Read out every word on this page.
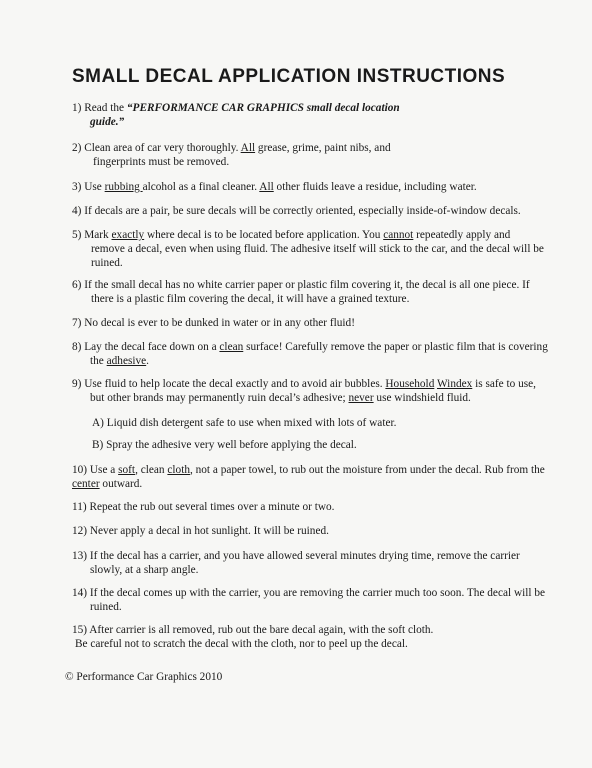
SMALL DECAL APPLICATION INSTRUCTIONS
1) Read the “PERFORMANCE CAR GRAPHICS small decal location
guide.”
2) Clean area of car very thoroughly. All grease, grime, paint nibs, and
fingerprints must be removed.
3) Use rubbing alcohol as a final cleaner. All other fluids leave a residue, including water.
4) If decals are a pair, be sure decals will be correctly oriented, especially inside-of-window decals.
5) Mark exactly where decal is to be located before application. You cannot repeatedly apply and
remove a decal, even when using fluid. The adhesive itself will stick to the car, and the decal will be
ruined.
6) If the small decal has no white carrier paper or plastic film covering it, the decal is all one piece. If
there is a plastic film covering the decal, it will have a grained texture.
7) No decal is ever to be dunked in water or in any other fluid!
8) Lay the decal face down on a clean surface! Carefully remove the paper or plastic film that is covering
the adhesive.
9) Use fluid to help locate the decal exactly and to avoid air bubbles. Household Windex is safe to use,
but other brands may permanently ruin decal’s adhesive; never use windshield fluid.
A) Liquid dish detergent safe to use when mixed with lots of water.
B) Spray the adhesive very well before applying the decal.
10) Use a soft, clean cloth, not a paper towel, to rub out the moisture from under the decal. Rub from the
center outward.
11) Repeat the rub out several times over a minute or two.
12) Never apply a decal in hot sunlight. It will be ruined.
13) If the decal has a carrier, and you have allowed several minutes drying time, remove the carrier
slowly, at a sharp angle.
14) If the decal comes up with the carrier, you are removing the carrier much too soon. The decal will be
ruined.
15) After carrier is all removed, rub out the bare decal again, with the soft cloth.
Be careful not to scratch the decal with the cloth, nor to peel up the decal.
© Performance Car Graphics 2010
